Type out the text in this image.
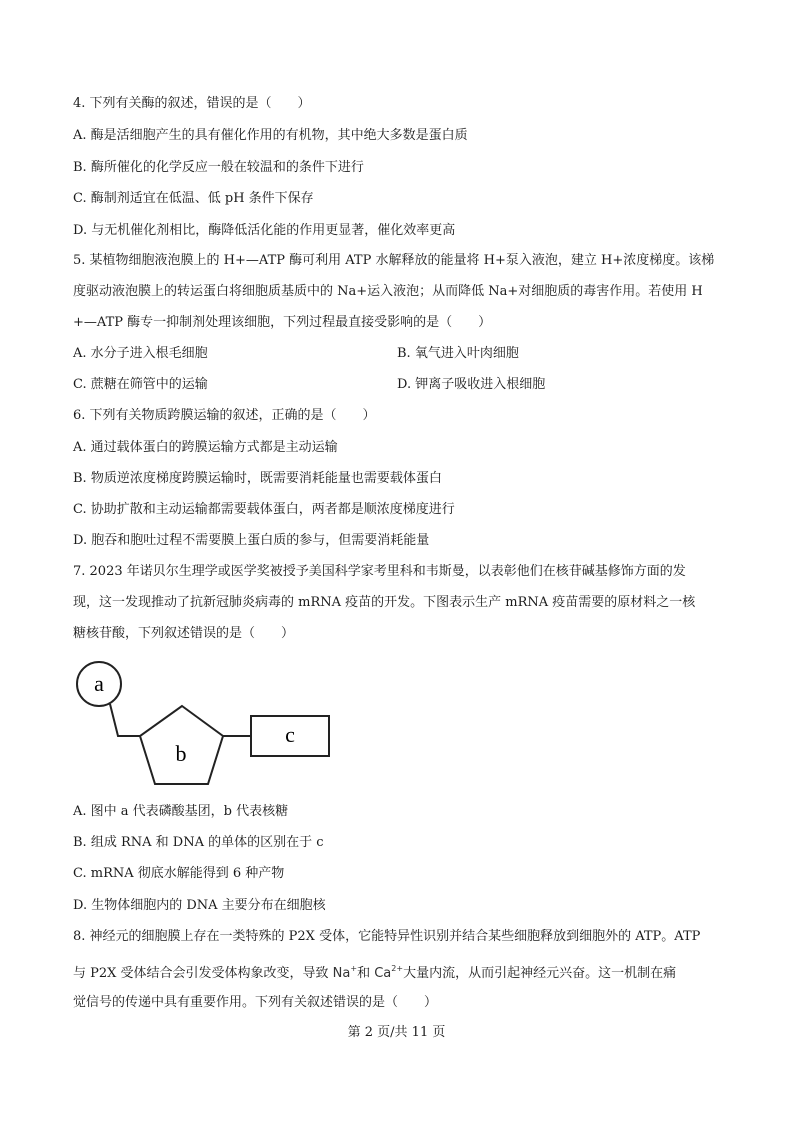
4. 下列有关酶的叙述，错误的是（　　）
A. 酶是活细胞产生的具有催化作用的有机物，其中绝大多数是蛋白质
B. 酶所催化的化学反应一般在较温和的条件下进行
C. 酶制剂适宜在低温、低 pH 条件下保存
D. 与无机催化剂相比，酶降低活化能的作用更显著，催化效率更高
5. 某植物细胞液泡膜上的 H+—ATP 酶可利用 ATP 水解释放的能量将 H+泵入液泡，建立 H+浓度梯度。该梯
度驱动液泡膜上的转运蛋白将细胞质基质中的 Na+运入液泡；从而降低 Na+对细胞质的毒害作用。若使用 H
+—ATP 酶专一抑制剂处理该细胞，下列过程最直接受影响的是（　　）
A. 水分子进入根毛细胞	B. 氧气进入叶肉细胞
C. 蔗糖在筛管中的运输	D. 钾离子吸收进入根细胞
6. 下列有关物质跨膜运输的叙述，正确的是（　　）
A. 通过载体蛋白的跨膜运输方式都是主动运输
B. 物质逆浓度梯度跨膜运输时，既需要消耗能量也需要载体蛋白
C. 协助扩散和主动运输都需要载体蛋白，两者都是顺浓度梯度进行
D. 胞吞和胞吐过程不需要膜上蛋白质的参与，但需要消耗能量
7. 2023 年诺贝尔生理学或医学奖被授予美国科学家考里科和韦斯曼，以表彰他们在核苷碱基修饰方面的发
现，这一发现推动了抗新冠肺炎病毒的 mRNA 疫苗的开发。下图表示生产 mRNA 疫苗需要的原材料之一核
糖核苷酸，下列叙述错误的是（　　）
a
b
c
A. 图中 a 代表磷酸基团，b 代表核糖
B. 组成 RNA 和 DNA 的单体的区别在于 c
C. mRNA 彻底水解能得到 6 种产物
D. 生物体细胞内的 DNA 主要分布在细胞核
8. 神经元的细胞膜上存在一类特殊的 P2X 受体，它能特异性识别并结合某些细胞释放到细胞外的 ATP。ATP
与 P2X 受体结合会引发受体构象改变，导致 Na+和 $Ca^{2+}$大量内流，从而引起神经元兴奋。这一机制在痛
觉信号的传递中具有重要作用。下列有关叙述错误的是（　　）
第 2 页/共 11 页
